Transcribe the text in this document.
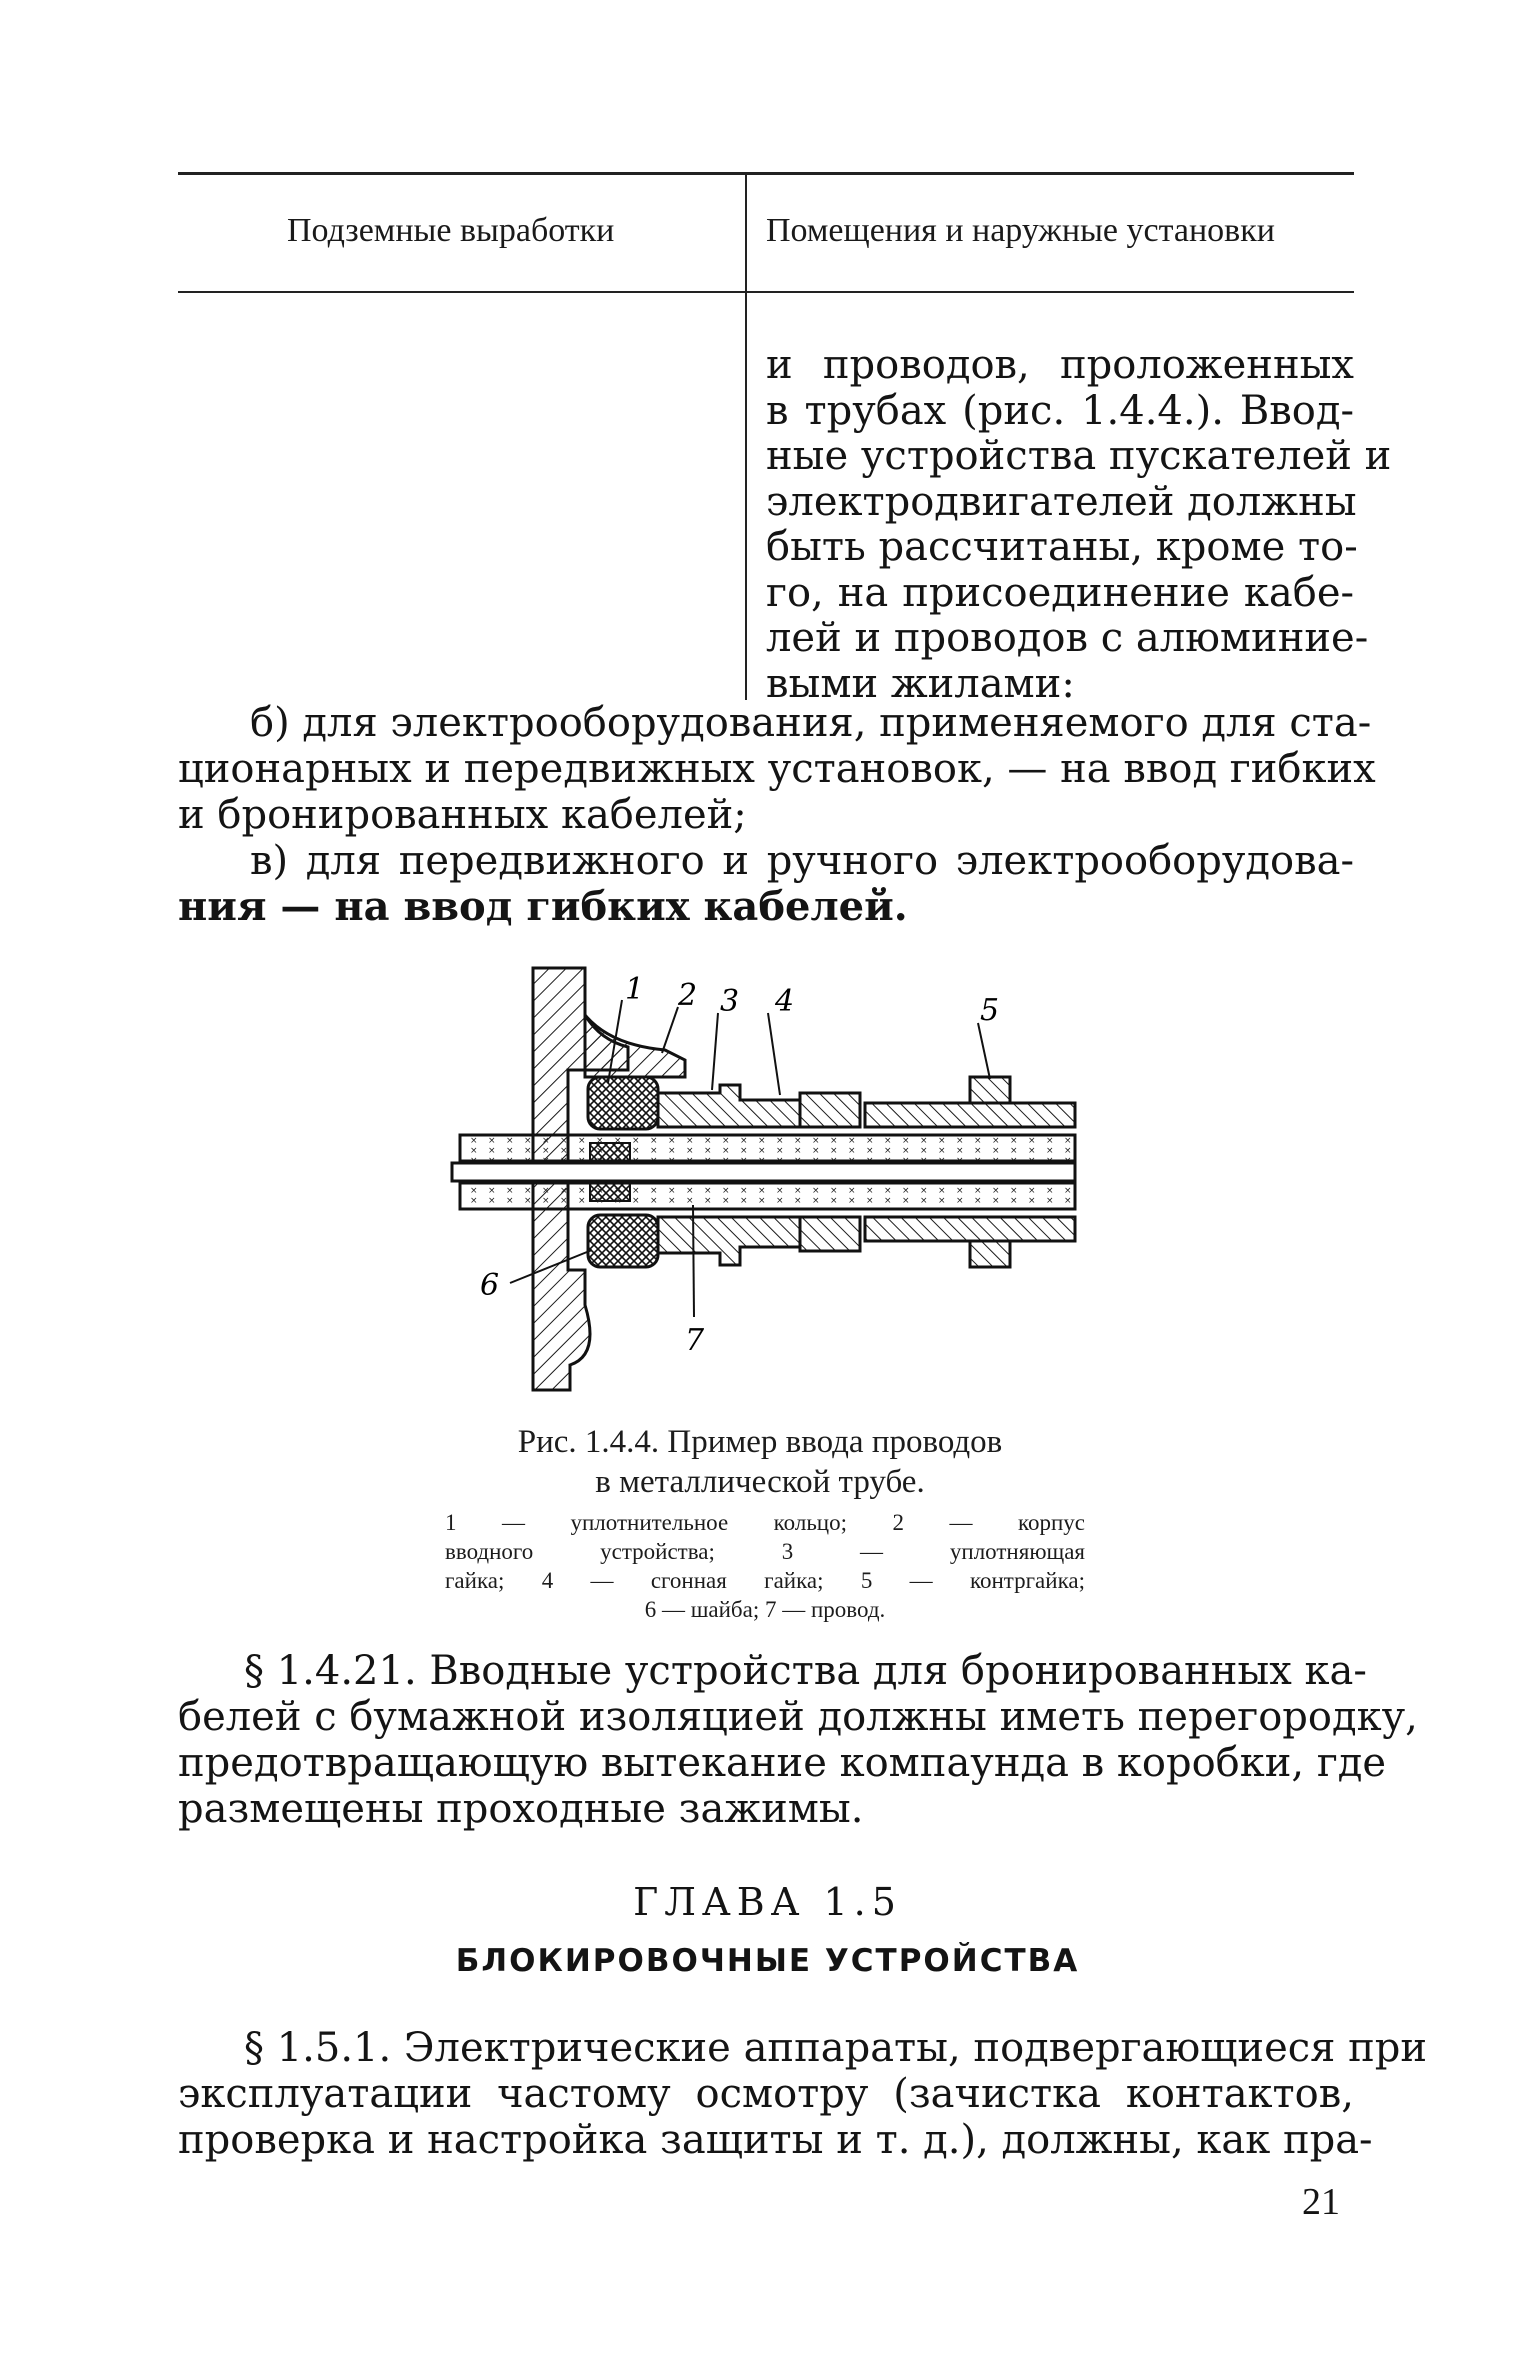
Подземные выработки	Помещения и наружные установки
и проводов, проложенных
в трубах (рис. 1.4.4.). Ввод-
ные устройства пускателей и
электродвигателей должны
быть рассчитаны, кроме то-
го, на присоединение кабе-
лей и проводов с алюминие-
выми жилами:
б) для электрооборудования, применяемого для ста-
ционарных и передвижных установок, — на ввод гибких
и бронированных кабелей;
в) для передвижного и ручного электрооборудова-
ния — на ввод гибких кабелей.
1 2 3 4	5
6
7
Рис. 1.4.4. Пример ввода проводов
в металлической трубе.
1 — уплотнительное кольцо; 2 — корпус
вводного устройства; 3 — уплотняющая
гайка; 4 — сгонная гайка; 5 — контргайка;
6 — шайба; 7 — провод.
§ 1.4.21. Вводные устройства для бронированных ка-
белей с бумажной изоляцией должны иметь перегородку,
предотвращающую вытекание компаунда в коробки, где
размещены проходные зажимы.
ГЛАВА 1.5
БЛОКИРОВОЧНЫЕ УСТРОЙСТВА
§ 1.5.1. Электрические аппараты, подвергающиеся при
эксплуатации частому осмотру (зачистка контактов,
проверка и настройка защиты и т. д.), должны, как пра-
21
